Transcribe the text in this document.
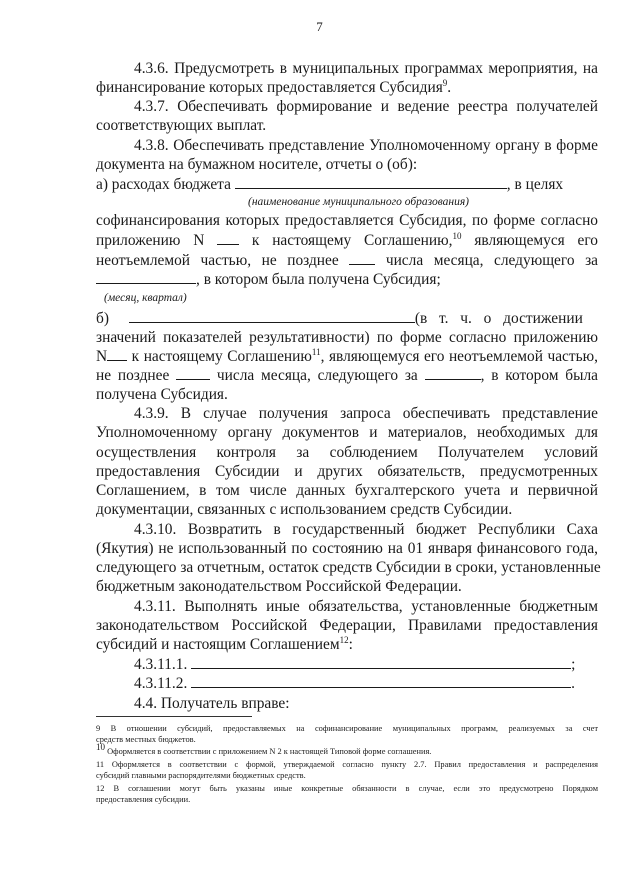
7
4.3.6. Предусмотреть в муниципальных программах мероприятия, на
финансирование которых предоставляется Субсидия$^9$.
4.3.7. Обеспечивать формирование и ведение реестра получателей
соответствующих выплат.
4.3.8. Обеспечивать представление Уполномоченному органу в форме
документа на бумажном носителе, отчеты о (об):
а) расходах бюджета	, в целях
(наименование муниципального образования)
софинансирования которых предоставляется Субсидия, по форме согласно
приложению N	к настоящему Соглашению,$^{10}$ являющемуся его
неотъемлемой частью, не позднее	числа месяца, следующего за
, в котором была получена Субсидия;
(месяц, квартал)
б)	(в т. ч. о достижении
значений показателей результативности) по форме согласно приложению
N к настоящему Соглашению$^{11}$, являющемуся его неотъемлемой частью,
не позднее	числа месяца, следующего за	, в котором была
получена Субсидия.
4.3.9. В случае получения запроса обеспечивать представление
Уполномоченному органу документов и материалов, необходимых для
осуществления контроля за соблюдением Получателем условий
предоставления Субсидии и других обязательств, предусмотренных
Соглашением, в том числе данных бухгалтерского учета и первичной
документации, связанных с использованием средств Субсидии.
4.3.10. Возвратить в государственный бюджет Республики Саха
(Якутия) не использованный по состоянию на 01 января финансового года,
следующего за отчетным, остаток средств Субсидии в сроки, установленные
бюджетным законодательством Российской Федерации.
4.3.11. Выполнять иные обязательства, установленные бюджетным
законодательством Российской Федерации, Правилами предоставления
субсидий и настоящим Соглашением$^{12}$:
4.3.11.1.	;
4.3.11.2.	.
4.4. Получатель вправе:
9 В отношении субсидий, предоставляемых на софинансирование муниципальных программ, реализуемых за счет
средств местных бюджетов.
10 Оформляется в соответствии с приложением N 2 к настоящей Типовой форме соглашения.
11 Оформляется в соответствии с формой, утверждаемой согласно пункту 2.7. Правил предоставления и распределения
субсидий главными распорядителями бюджетных средств.
12 В соглашении могут быть указаны иные конкретные обязанности в случае, если это предусмотрено Порядком
предоставления субсидии.
